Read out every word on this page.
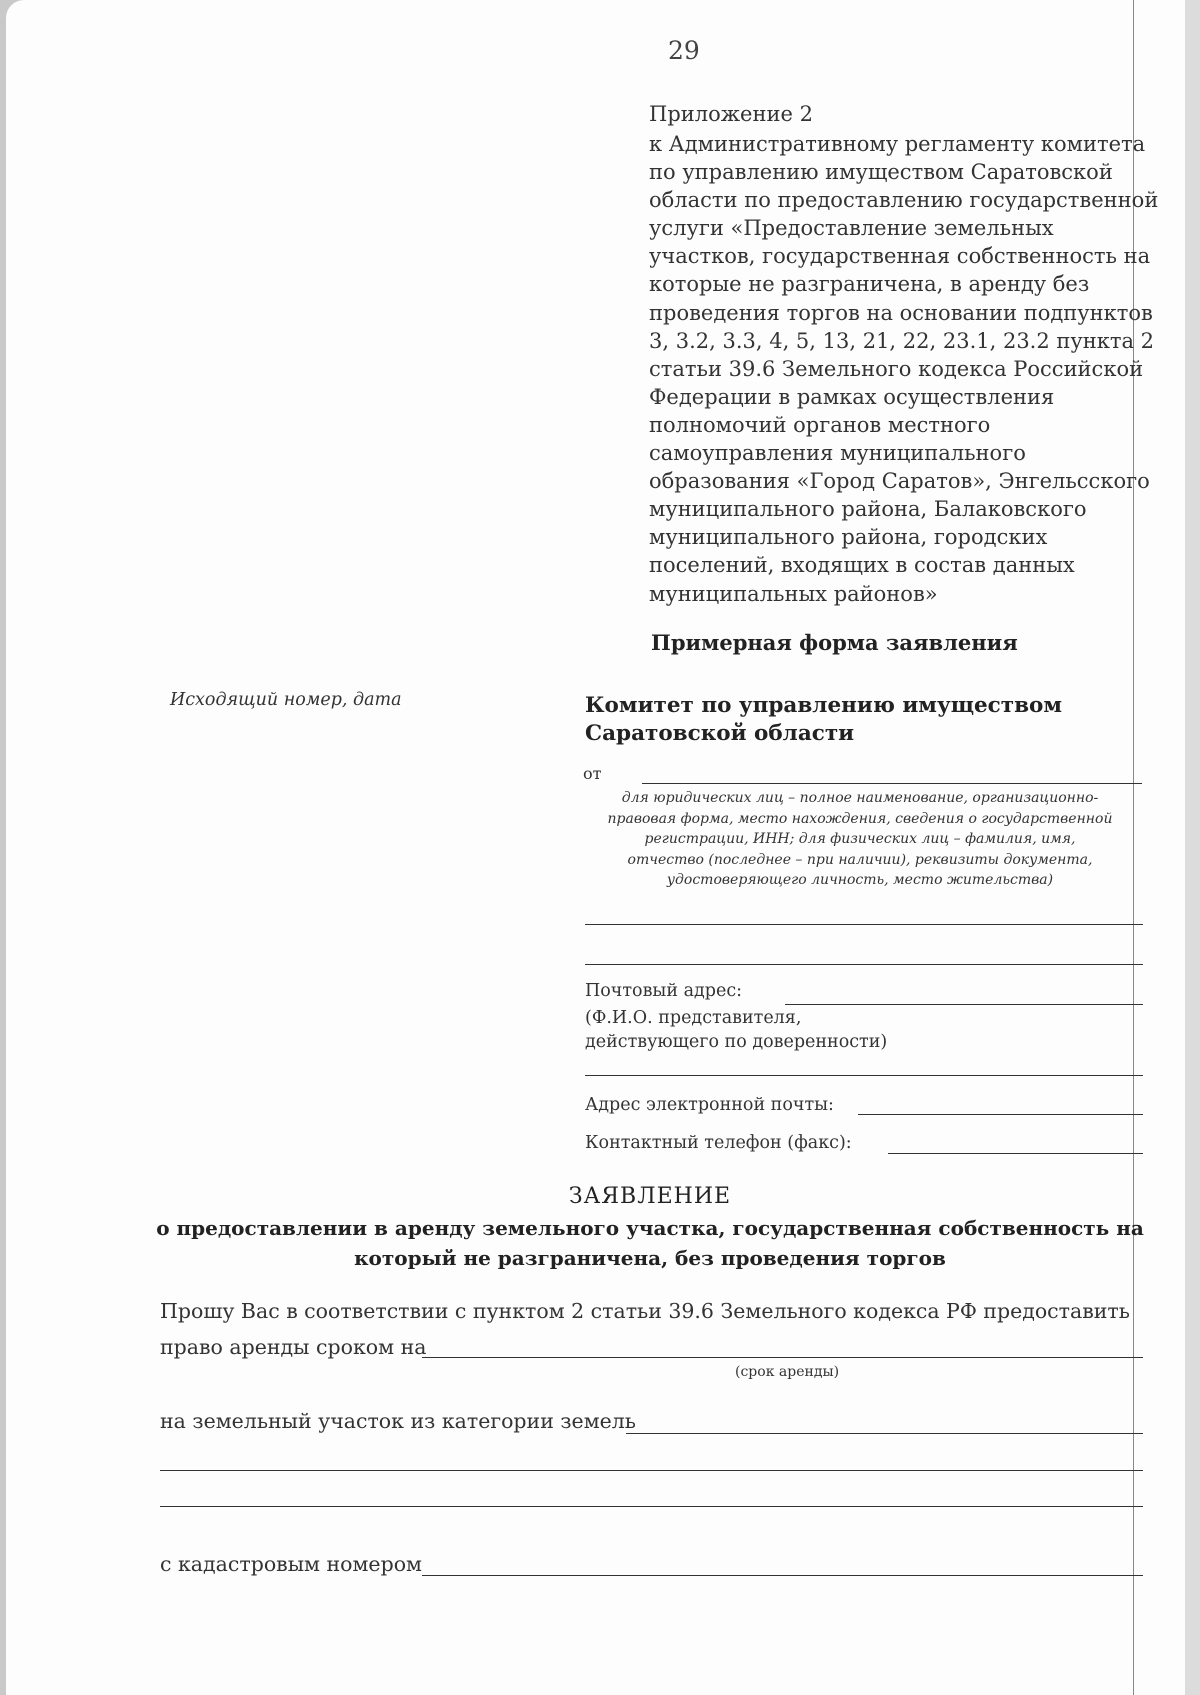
29
Приложение 2
к Административному регламенту комитета
по управлению имуществом Саратовской
области по предоставлению государственной
услуги «Предоставление земельных
участков, государственная собственность на
которые не разграничена, в аренду без
проведения торгов на основании подпунктов
3, 3.2, 3.3, 4, 5, 13, 21, 22, 23.1, 23.2 пункта 2
статьи 39.6 Земельного кодекса Российской
Федерации в рамках осуществления
полномочий органов местного
самоуправления муниципального
образования «Город Саратов», Энгельсского
муниципального района, Балаковского
муниципального района, городских
поселений, входящих в состав данных
муниципальных районов»
Примерная форма заявления
Исходящий номер, дата	Комитет по управлению имуществом
Саратовской области
от
для юридических лиц – полное наименование, организационно-
правовая форма, место нахождения, сведения о государственной
регистрации, ИНН; для физических лиц – фамилия, имя,
отчество (последнее – при наличии), реквизиты документа,
удостоверяющего личность, место жительства)
Почтовый адрес:
(Ф.И.О. представителя,
действующего по доверенности)
Адрес электронной почты:
Контактный телефон (факс):
ЗАЯВЛЕНИЕ
о предоставлении в аренду земельного участка, государственная собственность на
который не разграничена, без проведения торгов
Прошу Вас в соответствии с пунктом 2 статьи 39.6 Земельного кодекса РФ предоставить
право аренды сроком на
(срок аренды)
на земельный участок из категории земель
с кадастровым номером
